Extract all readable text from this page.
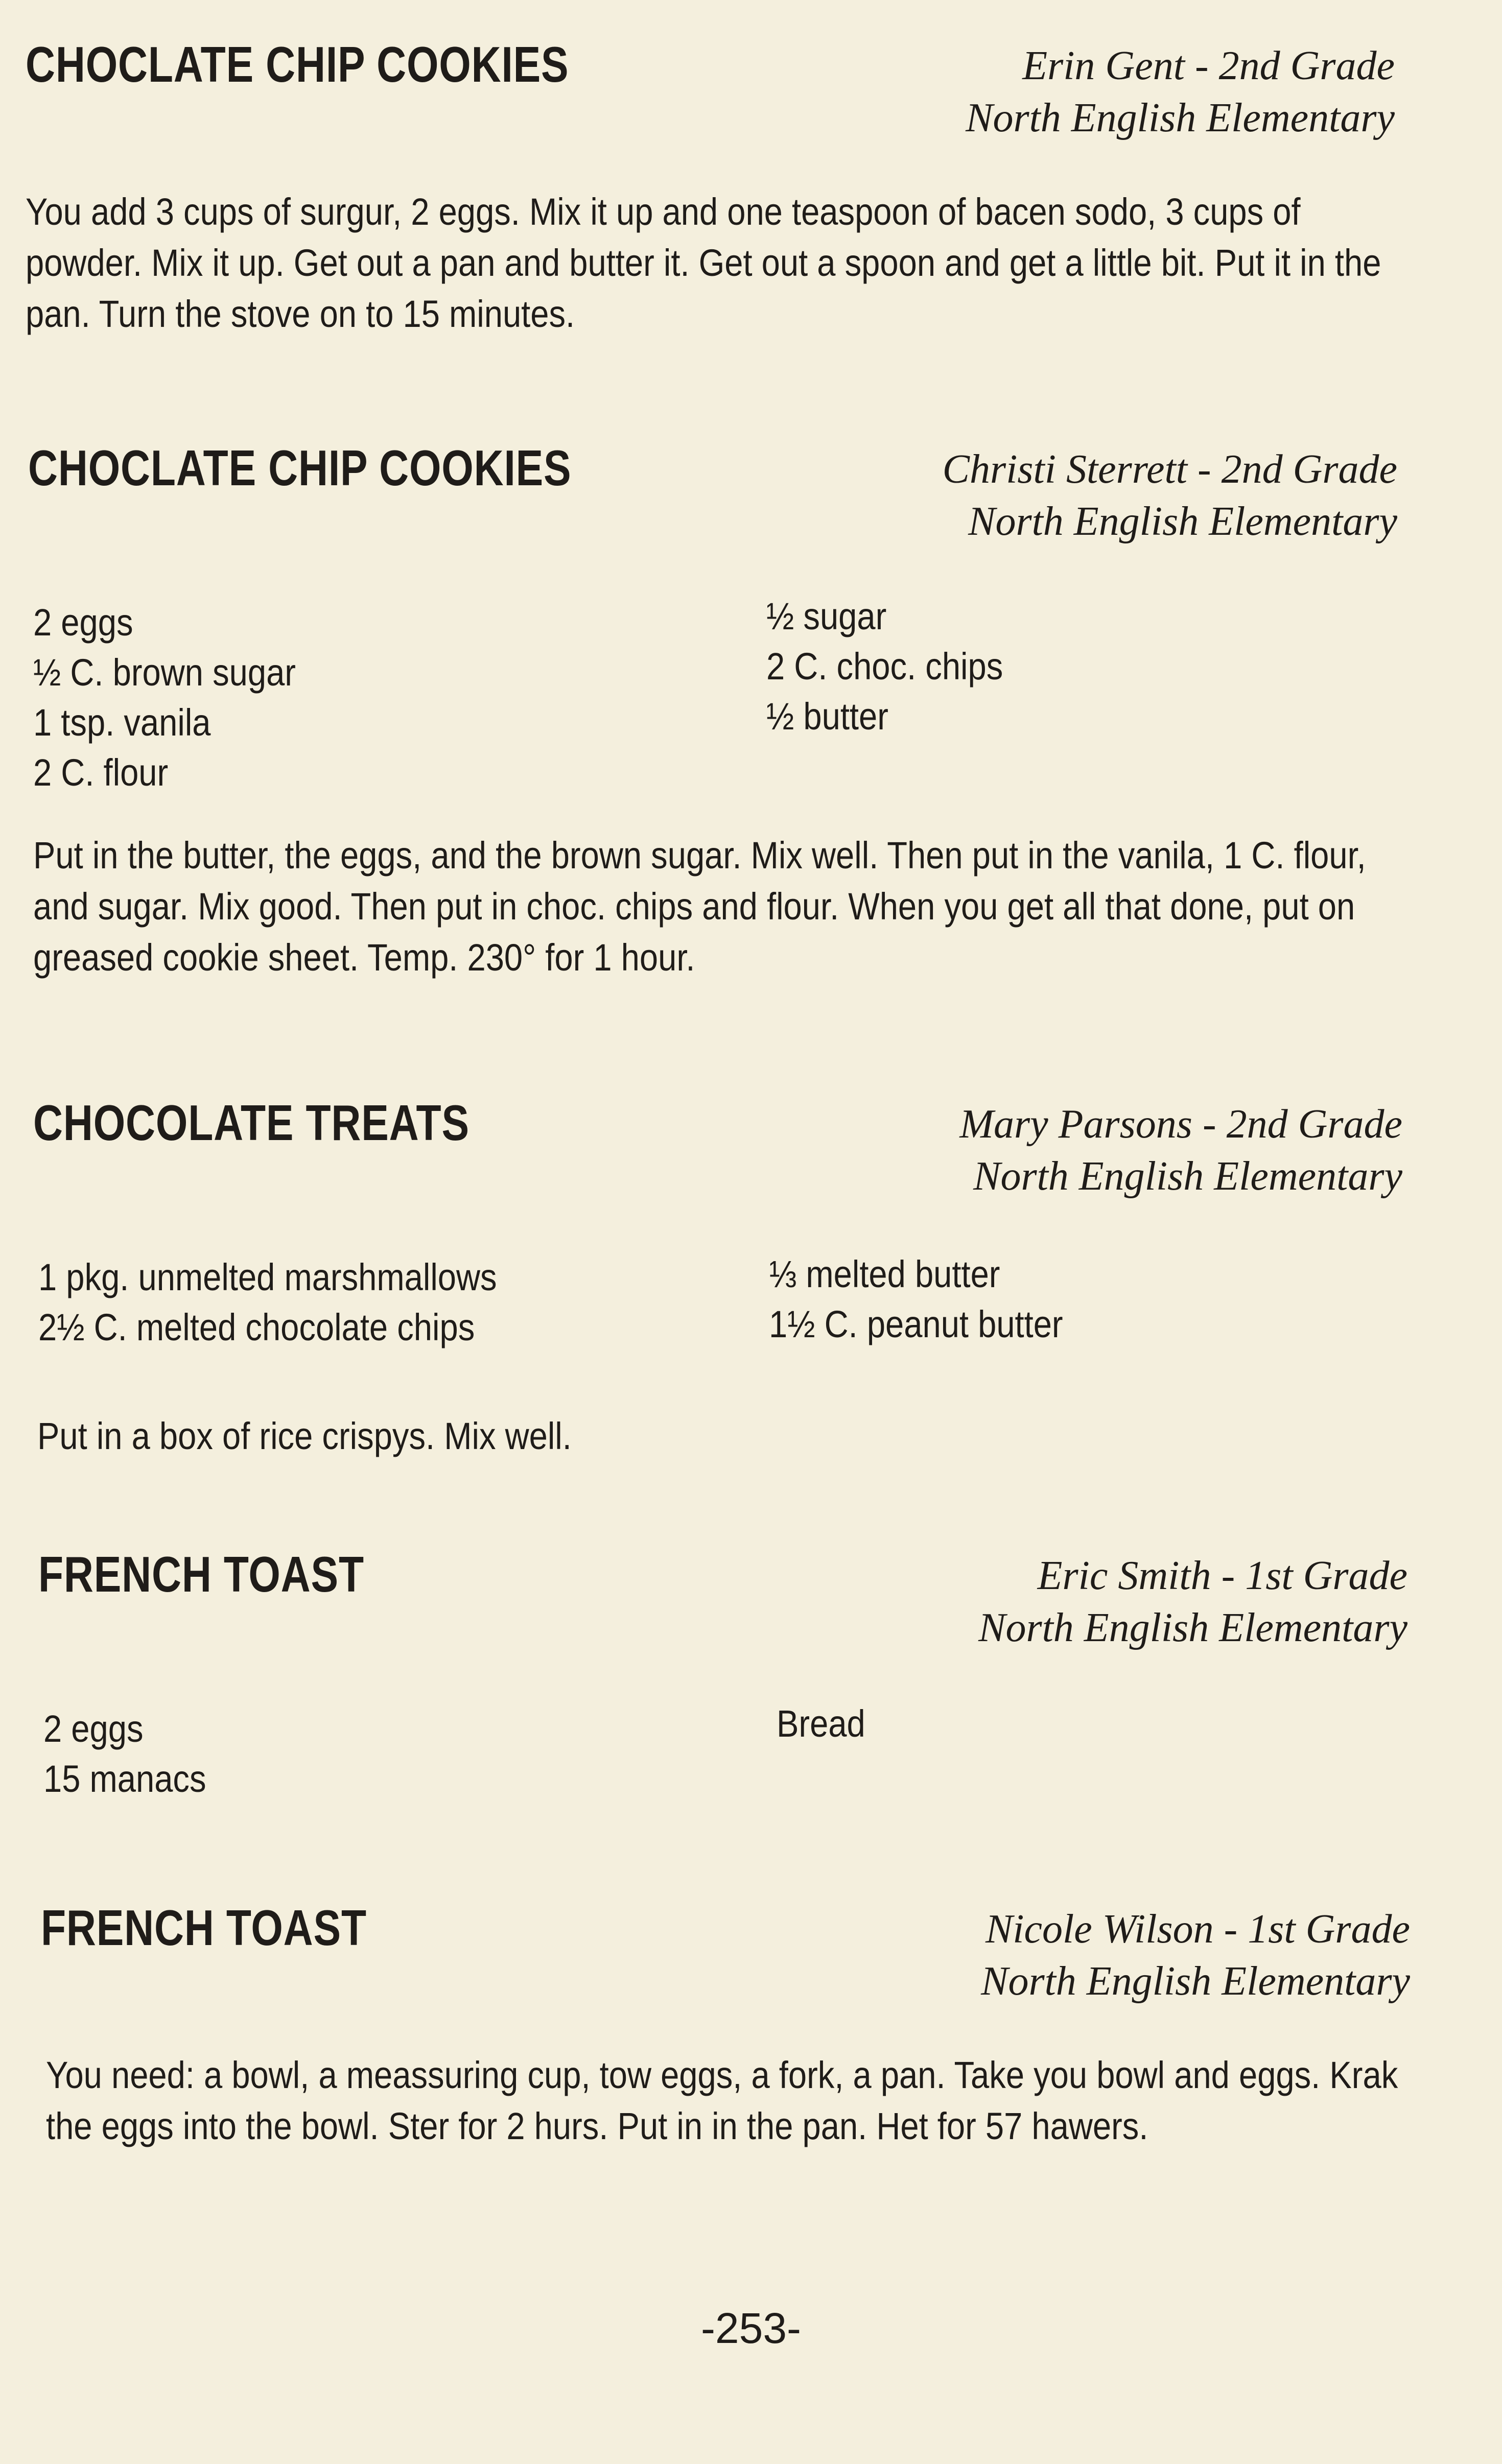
CHOCLATE CHIP COOKIES	Erin Gent - 2nd Grade
North English Elementary
You add 3 cups of surgur, 2 eggs. Mix it up and one teaspoon of bacen sodo, 3 cups of powder. Mix it up. Get out a pan and butter it. Get out a spoon and get a little bit. Put it in the pan. Turn the stove on to 15 minutes.
CHOCLATE CHIP COOKIES	Christi Sterrett - 2nd Grade
North English Elementary
2 eggs
½ C. brown sugar
1 tsp. vanila
2 C. flour
½ sugar
2 C. choc. chips
½ butter
Put in the butter, the eggs, and the brown sugar. Mix well. Then put in the vanila, 1 C. flour, and sugar. Mix good. Then put in choc. chips and flour. When you get all that done, put on greased cookie sheet. Temp. 230° for 1 hour.
CHOCOLATE TREATS	Mary Parsons - 2nd Grade
North English Elementary
1 pkg. unmelted marshmallows
2½ C. melted chocolate chips
⅓ melted butter
1½ C. peanut butter
Put in a box of rice crispys. Mix well.
FRENCH TOAST	Eric Smith - 1st Grade
North English Elementary
2 eggs
15 manacs
Bread
FRENCH TOAST	Nicole Wilson - 1st Grade
North English Elementary
You need: a bowl, a meassuring cup, tow eggs, a fork, a pan. Take you bowl and eggs. Krak the eggs into the bowl. Ster for 2 hurs. Put in in the pan. Het for 57 hawers.
-253-
